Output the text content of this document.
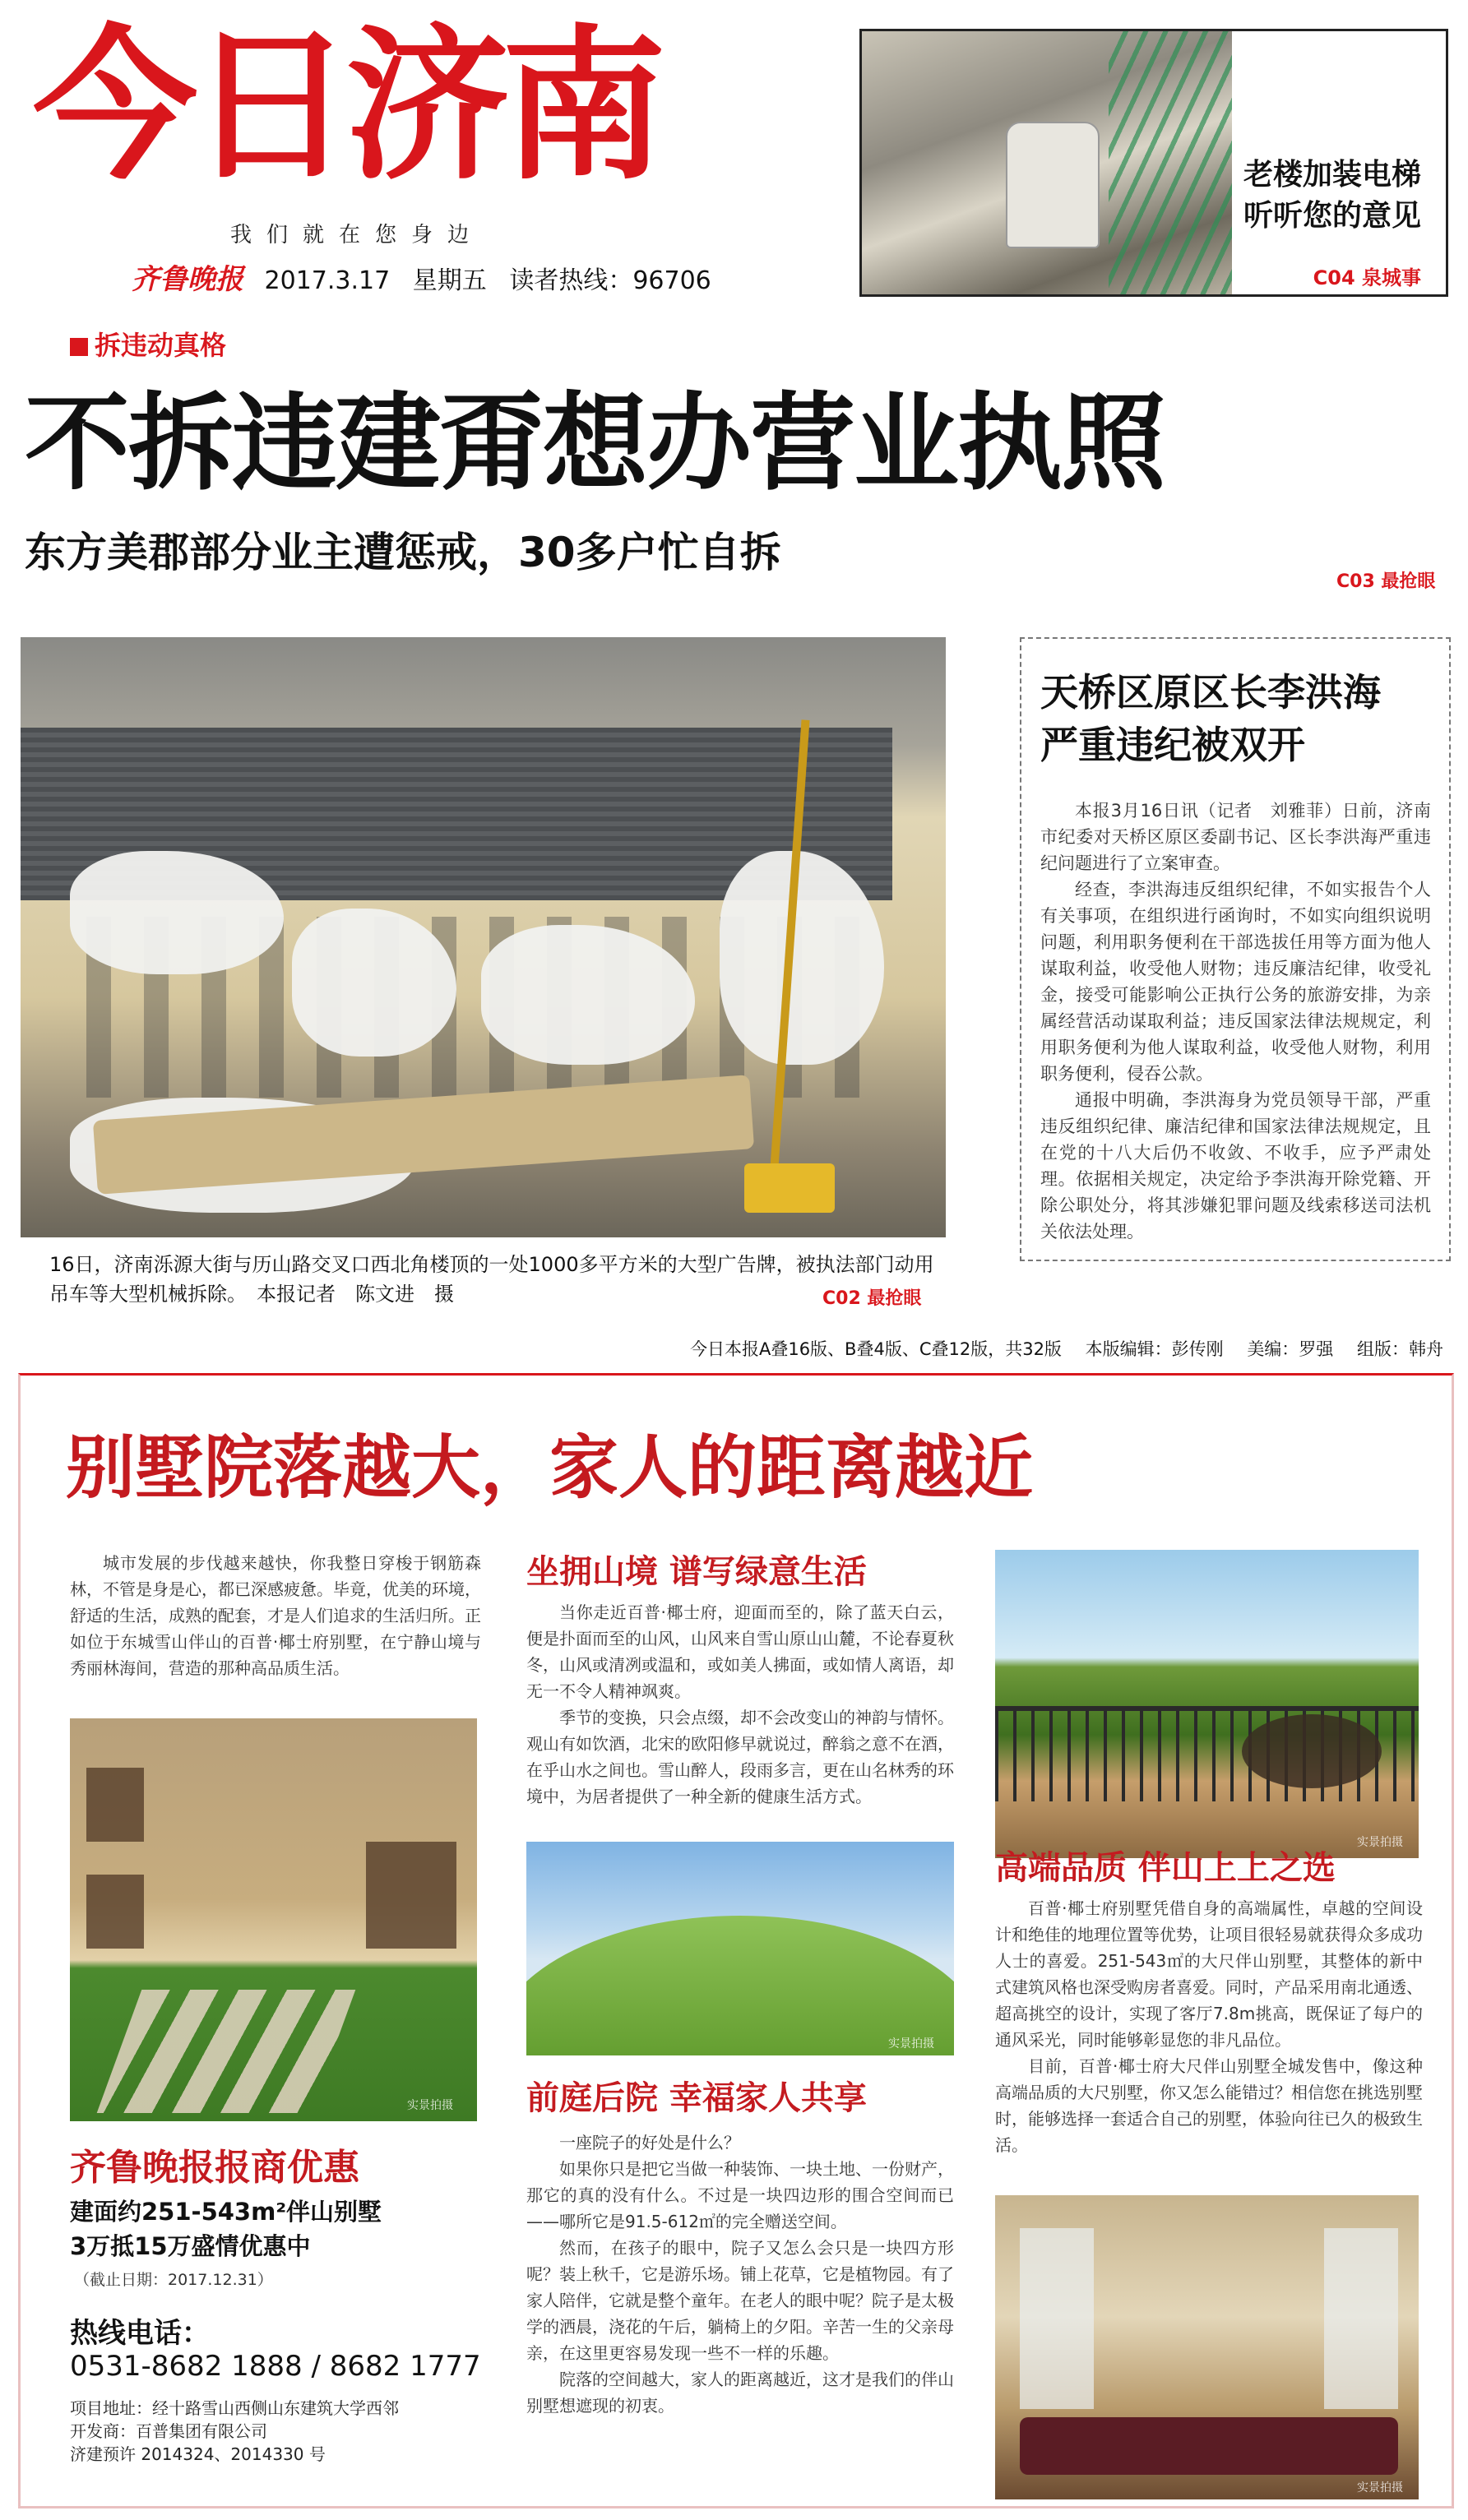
今日济南
我们就在您身边
齐鲁晚报 2017.3.17 星期五 读者热线：96706
老楼加装电梯
听听您的意见
C04 泉城事
拆违动真格
不拆违建甭想办营业执照
东方美郡部分业主遭惩戒，30多户忙自拆
C03 最抢眼
16日，济南泺源大街与历山路交叉口西北角楼顶的一处1000多平方米的大型广告牌，被执法部门动用吊车等大型机械拆除。　本报记者　陈文进　摄	C02 最抢眼
天桥区原区长李洪海
严重违纪被双开

本报3月16日讯（记者　刘雅菲）日前，济南市纪委对天桥区原区委副书记、区长李洪海严重违纪问题进行了立案审查。

经查，李洪海违反组织纪律，不如实报告个人有关事项，在组织进行函询时，不如实向组织说明问题，利用职务便利在干部选拔任用等方面为他人谋取利益，收受他人财物；违反廉洁纪律，收受礼金，接受可能影响公正执行公务的旅游安排，为亲属经营活动谋取利益；违反国家法律法规规定，利用职务便利为他人谋取利益，收受他人财物，利用职务便利，侵吞公款。

通报中明确，李洪海身为党员领导干部，严重违反组织纪律、廉洁纪律和国家法律法规规定，且在党的十八大后仍不收敛、不收手，应予严肃处理。依据相关规定，决定给予李洪海开除党籍、开除公职处分，将其涉嫌犯罪问题及线索移送司法机关依法处理。

今日本报A叠16版、B叠4版、C叠12版，共32版 本版编辑：彭传刚 美编：罗强 组版：韩舟
别墅院落越大，家人的距离越近

城市发展的步伐越来越快，你我整日穿梭于钢筋森林，不管是身是心，都已深感疲惫。毕竟，优美的环境，舒适的生活，成熟的配套，才是人们追求的生活归所。正如位于东城雪山伴山的百普·椰士府别墅，在宁静山境与秀丽林海间，营造的那种高品质生活。

实景拍摄
齐鲁晚报报商优惠
建面约251-543m²伴山别墅
3万抵15万盛情优惠中
（截止日期：2017.12.31）
热线电话：
0531-8682 1888 / 8682 1777
项目地址：经十路雪山西侧山东建筑大学西邻
开发商：百普集团有限公司
济建预许 2014324、2014330 号
坐拥山境 谱写绿意生活

当你走近百普·椰士府，迎面而至的，除了蓝天白云，便是扑面而至的山风，山风来自雪山原山山麓，不论春夏秋冬，山风或清冽或温和，或如美人拂面，或如情人离语，却无一不令人精神飒爽。

季节的变换，只会点缀，却不会改变山的神韵与情怀。观山有如饮酒，北宋的欧阳修早就说过，醉翁之意不在酒，在乎山水之间也。雪山醉人，段雨多言，更在山名林秀的环境中，为居者提供了一种全新的健康生活方式。

实景拍摄
前庭后院 幸福家人共享

一座院子的好处是什么？

如果你只是把它当做一种装饰、一块土地、一份财产，那它的真的没有什么。不过是一块四边形的围合空间而已——哪所它是91.5-612㎡的完全赠送空间。

然而，在孩子的眼中，院子又怎么会只是一块四方形呢？装上秋千，它是游乐场。铺上花草，它是植物园。有了家人陪伴，它就是整个童年。在老人的眼中呢？院子是太极学的洒晨，浇花的午后，躺椅上的夕阳。辛苦一生的父亲母亲，在这里更容易发现一些不一样的乐趣。

院落的空间越大，家人的距离越近，这才是我们的伴山别墅想遮现的初衷。

实景拍摄
高端品质 伴山上上之选

百普·椰士府别墅凭借自身的高端属性，卓越的空间设计和绝佳的地理位置等优势，让项目很轻易就获得众多成功人士的喜爱。251-543㎡的大尺伴山别墅，其整体的新中式建筑风格也深受购房者喜爱。同时，产品采用南北通透、超高挑空的设计，实现了客厅7.8m挑高，既保证了每户的通风采光，同时能够彰显您的非凡品位。

目前，百普·椰士府大尺伴山别墅全城发售中，像这种高端品质的大尺别墅，你又怎么能错过？相信您在挑选别墅时，能够选择一套适合自己的别墅，体验向往已久的极致生活。

实景拍摄
